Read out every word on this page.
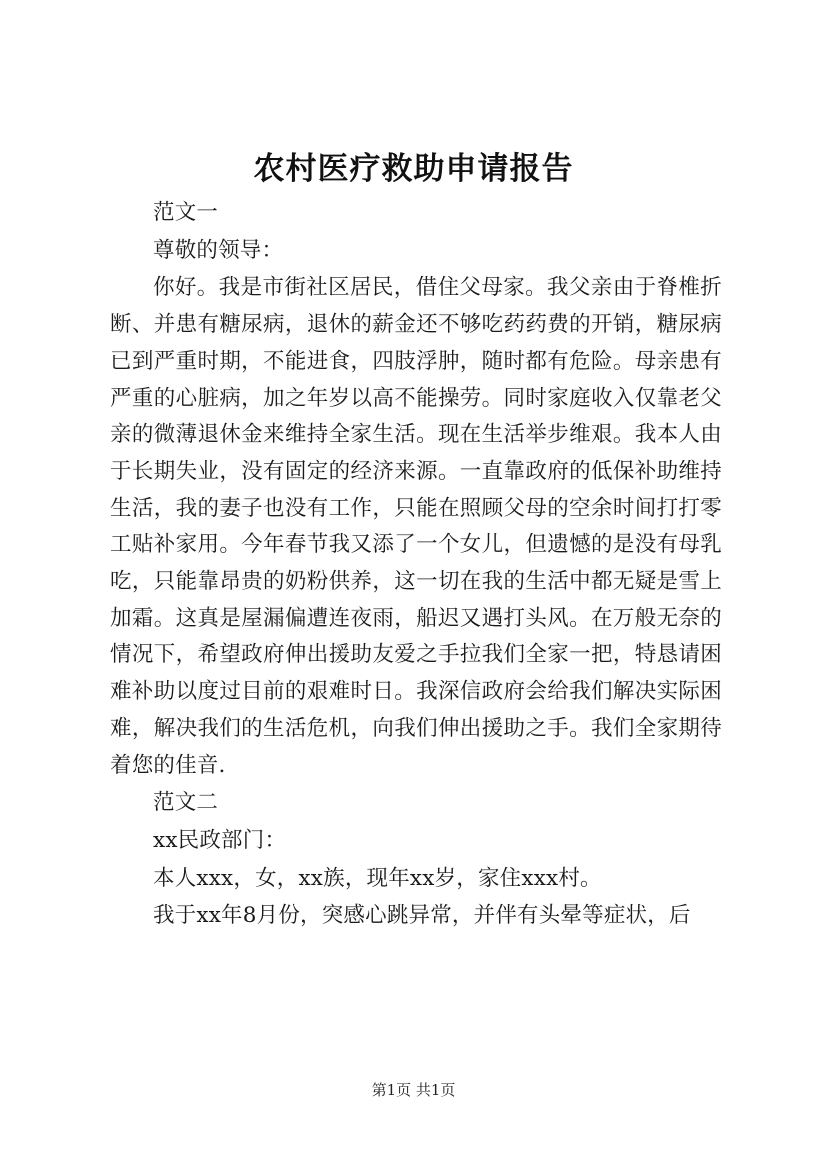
农村医疗救助申请报告

范文一

尊敬的领导：

你好。我是市街社区居民，借住父母家。我父亲由于脊椎折断、并患有糖尿病，退休的薪金还不够吃药药费的开销，糖尿病已到严重时期，不能进食，四肢浮肿，随时都有危险。母亲患有严重的心脏病，加之年岁以高不能操劳。同时家庭收入仅靠老父亲的微薄退休金来维持全家生活。现在生活举步维艰。我本人由于长期失业，没有固定的经济来源。一直靠政府的低保补助维持生活，我的妻子也没有工作，只能在照顾父母的空余时间打打零工贴补家用。今年春节我又添了一个女儿，但遗憾的是没有母乳吃，只能靠昂贵的奶粉供养，这一切在我的生活中都无疑是雪上加霜。这真是屋漏偏遭连夜雨，船迟又遇打头风。在万般无奈的情况下，希望政府伸出援助友爱之手拉我们全家一把，特恳请困难补助以度过目前的艰难时日。我深信政府会给我们解决实际困难，解决我们的生活危机，向我们伸出援助之手。我们全家期待着您的佳音.

范文二

xx民政部门：

本人xxx，女，xx族，现年xx岁，家住xxx村。

我于xx年8月份，突感心跳异常，并伴有头晕等症状，后

第1页 共1页
